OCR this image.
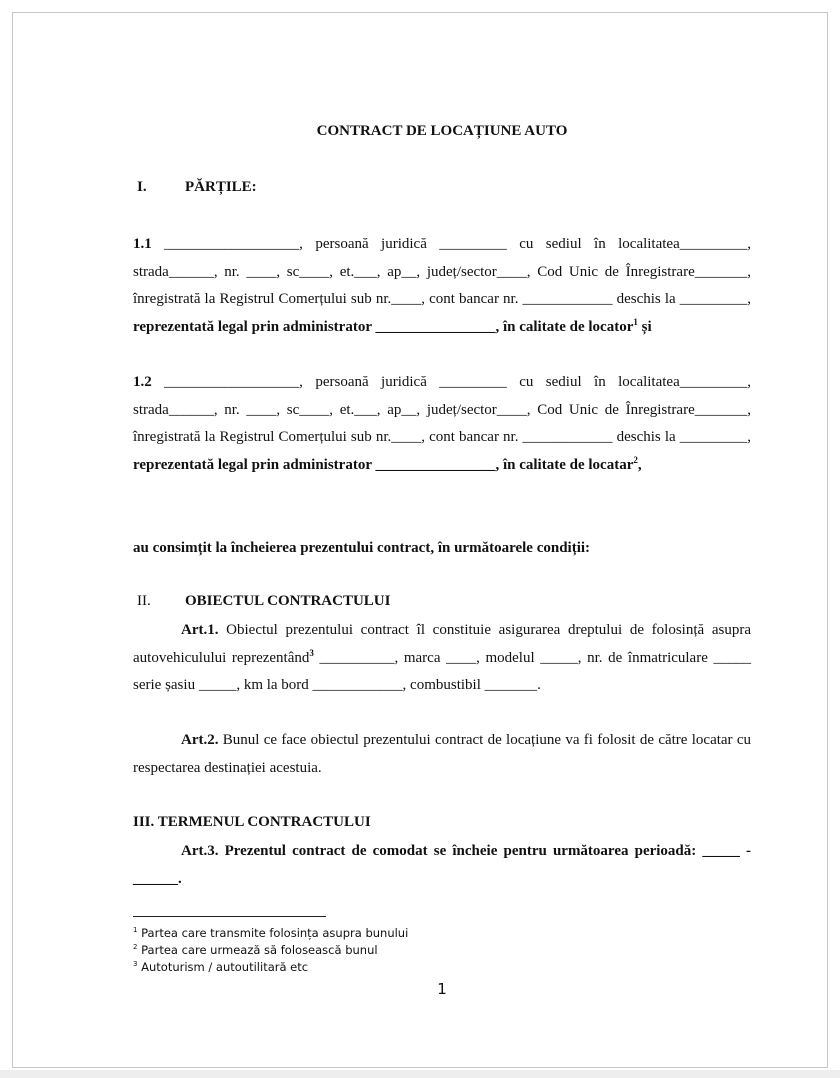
CONTRACT DE LOCAȚIUNE AUTO
I.	PĂRȚILE:
1.1 __________________, persoană juridică _________ cu sediul în localitatea_________, strada______, nr. ____, sc____, et.___, ap__, județ/sector____, Cod Unic de Înregistrare_______, înregistrată la Registrul Comerțului sub nr.____, cont bancar nr. ____________ deschis la _________, reprezentată legal prin administrator ________________, în calitate de locator$^1$ și
1.2 __________________, persoană juridică _________ cu sediul în localitatea_________, strada______, nr. ____, sc____, et.___, ap__, județ/sector____, Cod Unic de Înregistrare_______, înregistrată la Registrul Comerțului sub nr.____, cont bancar nr. ____________ deschis la _________, reprezentată legal prin administrator ________________, în calitate de locatar$^2$,
au consimțit la încheierea prezentului contract, în următoarele condiții:
II. OBIECTUL CONTRACTULUI
Art.1. Obiectul prezentului contract îl constituie asigurarea dreptului de folosință asupra autovehiculului reprezentând$^3$ __________, marca ____, modelul _____, nr. de înmatriculare _____ serie șasiu _____, km la bord ____________, combustibil _______.
Art.2. Bunul ce face obiectul prezentului contract de locațiune va fi folosit de către locatar cu respectarea destinației acestuia.
III. TERMENUL CONTRACTULUI
Art.3. Prezentul contract de comodat se încheie pentru următoarea perioadă: _____ - ______.
$^1$ Partea care transmite folosința asupra bunului
$^2$ Partea care urmează să folosească bunul
$^3$ Autoturism / autoutilitară etc
1
